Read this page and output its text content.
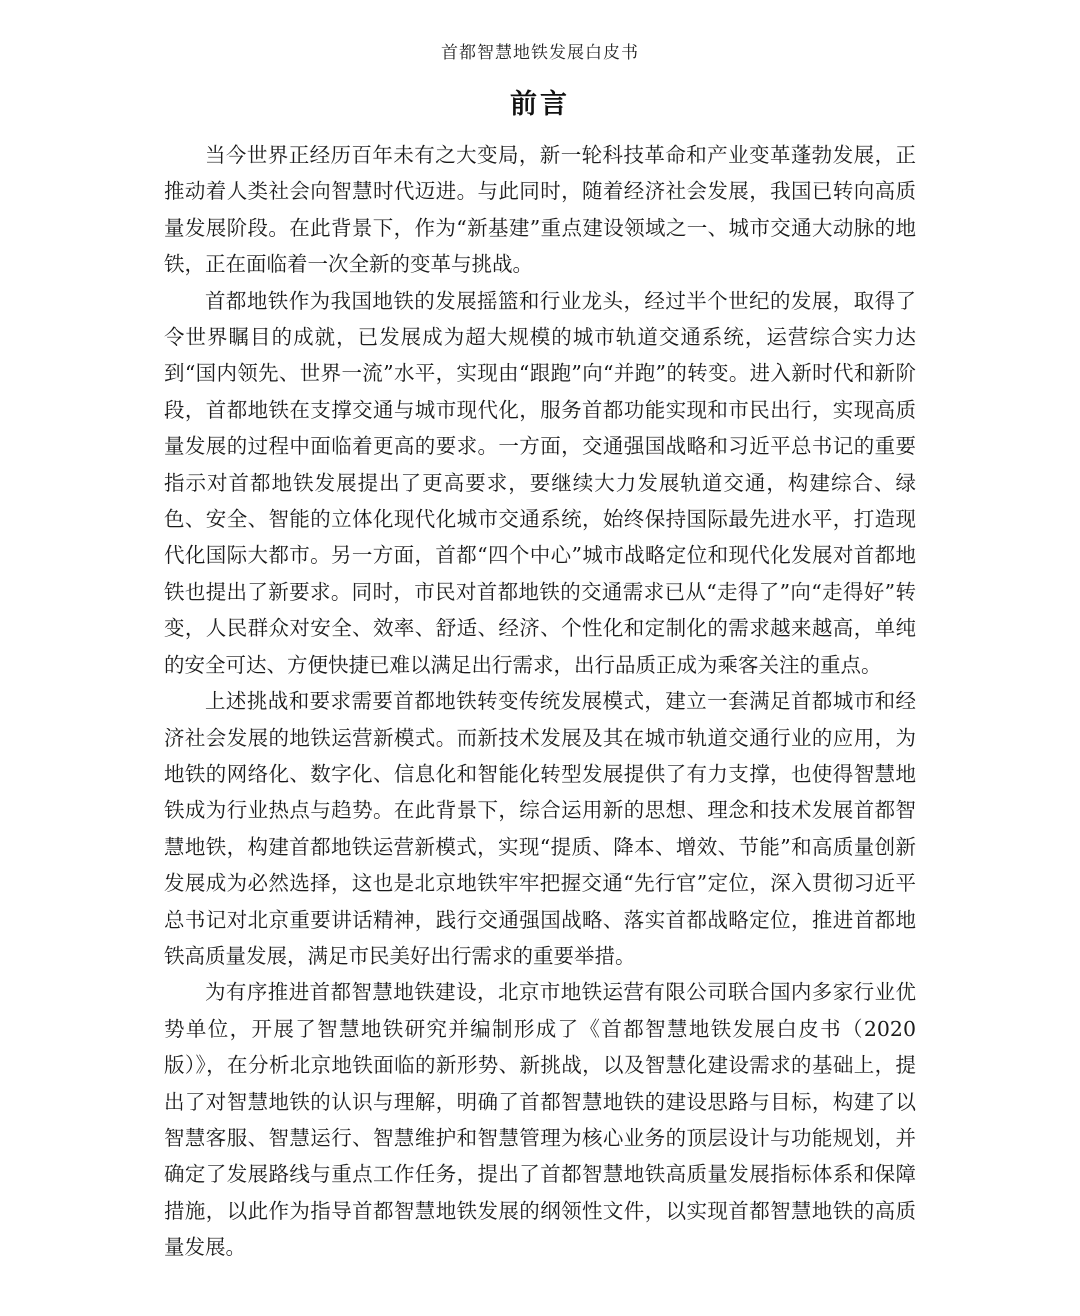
首都智慧地铁发展白皮书
前言

当今世界正经历百年未有之大变局，新一轮科技革命和产业变革蓬勃发展，正推动着人类社会向智慧时代迈进。与此同时，随着经济社会发展，我国已转向高质量发展阶段。在此背景下，作为“新基建”重点建设领域之一、城市交通大动脉的地铁，正在面临着一次全新的变革与挑战。

首都地铁作为我国地铁的发展摇篮和行业龙头，经过半个世纪的发展，取得了令世界瞩目的成就，已发展成为超大规模的城市轨道交通系统，运营综合实力达到“国内领先、世界一流”水平，实现由“跟跑”向“并跑”的转变。进入新时代和新阶段，首都地铁在支撑交通与城市现代化，服务首都功能实现和市民出行，实现高质量发展的过程中面临着更高的要求。一方面，交通强国战略和习近平总书记的重要指示对首都地铁发展提出了更高要求，要继续大力发展轨道交通，构建综合、绿色、安全、智能的立体化现代化城市交通系统，始终保持国际最先进水平，打造现代化国际大都市。另一方面，首都“四个中心”城市战略定位和现代化发展对首都地铁也提出了新要求。同时，市民对首都地铁的交通需求已从“走得了”向“走得好”转变，人民群众对安全、效率、舒适、经济、个性化和定制化的需求越来越高，单纯的安全可达、方便快捷已难以满足出行需求，出行品质正成为乘客关注的重点。

上述挑战和要求需要首都地铁转变传统发展模式，建立一套满足首都城市和经济社会发展的地铁运营新模式。而新技术发展及其在城市轨道交通行业的应用，为地铁的网络化、数字化、信息化和智能化转型发展提供了有力支撑，也使得智慧地铁成为行业热点与趋势。在此背景下，综合运用新的思想、理念和技术发展首都智慧地铁，构建首都地铁运营新模式，实现“提质、降本、增效、节能”和高质量创新发展成为必然选择，这也是北京地铁牢牢把握交通“先行官”定位，深入贯彻习近平总书记对北京重要讲话精神，践行交通强国战略、落实首都战略定位，推进首都地铁高质量发展，满足市民美好出行需求的重要举措。

为有序推进首都智慧地铁建设，北京市地铁运营有限公司联合国内多家行业优势单位，开展了智慧地铁研究并编制形成了《首都智慧地铁发展白皮书（2020版）》，在分析北京地铁面临的新形势、新挑战，以及智慧化建设需求的基础上，提出了对智慧地铁的认识与理解，明确了首都智慧地铁的建设思路与目标，构建了以智慧客服、智慧运行、智慧维护和智慧管理为核心业务的顶层设计与功能规划，并确定了发展路线与重点工作任务，提出了首都智慧地铁高质量发展指标体系和保障措施，以此作为指导首都智慧地铁发展的纲领性文件，以实现首都智慧地铁的高质量发展。
